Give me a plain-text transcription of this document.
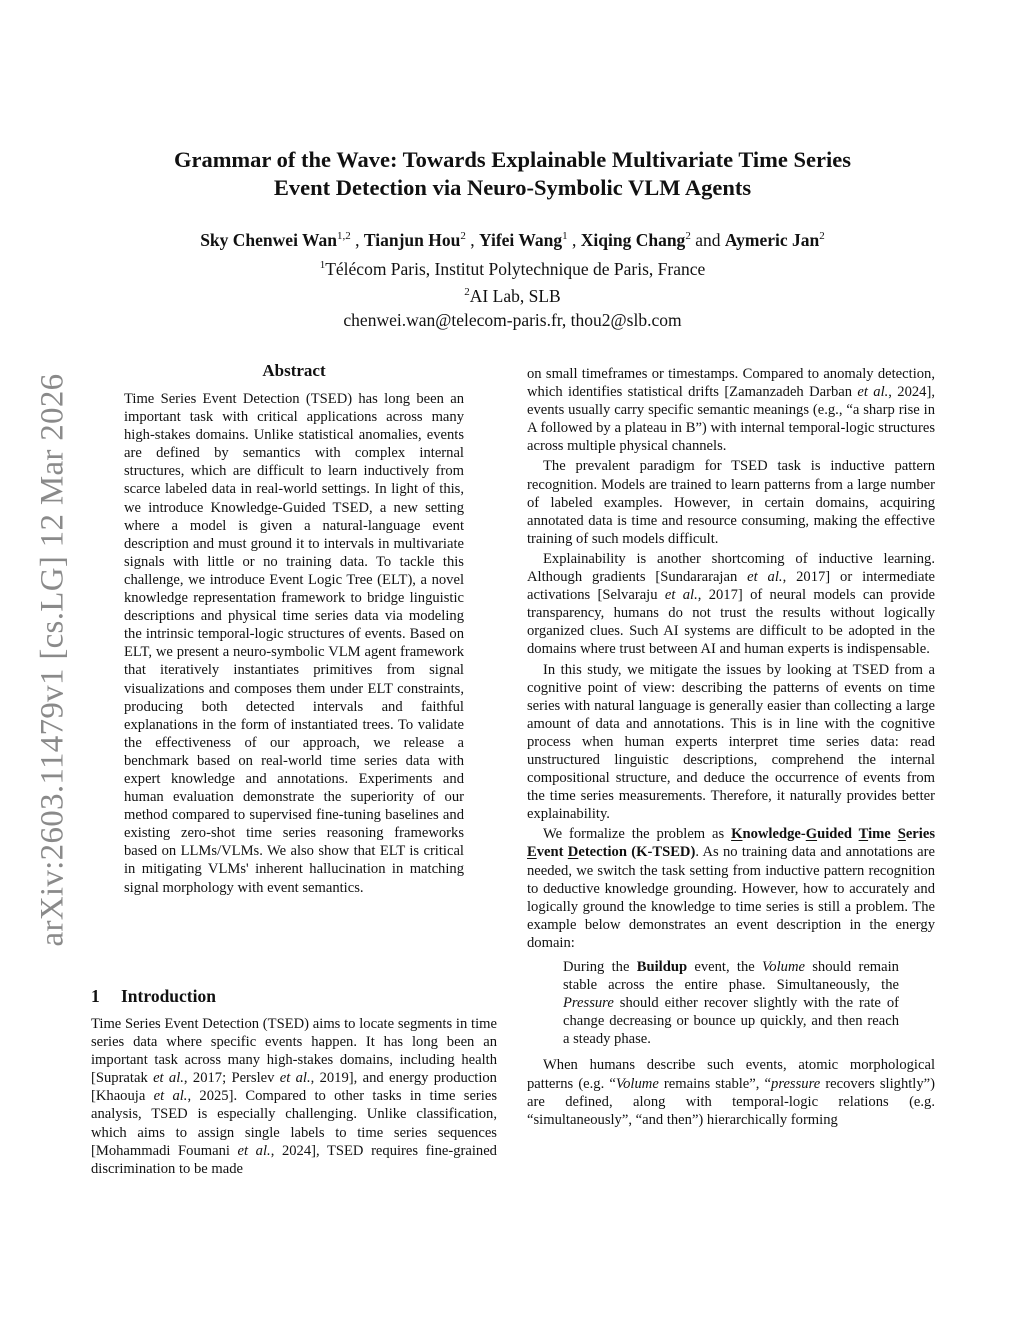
arXiv:2603.11479v1 [cs.LG] 12 Mar 2026
Grammar of the Wave: Towards Explainable Multivariate Time Series
Event Detection via Neuro-Symbolic VLM Agents
Sky Chenwei Wan$^{1,2}$ , Tianjun Hou$^2$ , Yifei Wang$^1$ , Xiqing Chang$^2$ and Aymeric Jan$^2$
$^1$Télécom Paris, Institut Polytechnique de Paris, France
$^2$AI Lab, SLB
chenwei.wan@telecom-paris.fr, thou2@slb.com
Abstract

Time Series Event Detection (TSED) has long been an important task with critical applications across many high-stakes domains. Unlike statistical anomalies, events are defined by semantics with complex internal structures, which are difficult to learn inductively from scarce labeled data in real-world settings. In light of this, we introduce Knowledge-Guided TSED, a new setting where a model is given a natural-language event description and must ground it to intervals in multivariate signals with little or no training data. To tackle this challenge, we introduce Event Logic Tree (ELT), a novel knowledge representation framework to bridge linguistic descriptions and physical time series data via modeling the intrinsic temporal-logic structures of events. Based on ELT, we present a neuro-symbolic VLM agent framework that iteratively instantiates primitives from signal visualizations and composes them under ELT constraints, producing both detected intervals and faithful explanations in the form of instantiated trees. To validate the effectiveness of our approach, we release a benchmark based on real-world time series data with expert knowledge and annotations. Experiments and human evaluation demonstrate the superiority of our method compared to supervised fine-tuning baselines and existing zero-shot time series reasoning frameworks based on LLMs/VLMs. We also show that ELT is critical in mitigating VLMs' inherent hallucination in matching signal morphology with event semantics.

1 Introduction

Time Series Event Detection (TSED) aims to locate segments in time series data where specific events happen. It has long been an important task across many high-stakes domains, including health [Supratak et al., 2017; Perslev et al., 2019], and energy production [Khaouja et al., 2025]. Compared to other tasks in time series analysis, TSED is especially challenging. Unlike classification, which aims to assign single labels to time series sequences [Mohammadi Foumani et al., 2024], TSED requires fine-grained discrimination to be made

on small timeframes or timestamps. Compared to anomaly detection, which identifies statistical drifts [Zamanzadeh Darban et al., 2024], events usually carry specific semantic meanings (e.g., “a sharp rise in A followed by a plateau in B”) with internal temporal-logic structures across multiple physical channels.

The prevalent paradigm for TSED task is inductive pattern recognition. Models are trained to learn patterns from a large number of labeled examples. However, in certain domains, acquiring annotated data is time and resource consuming, making the effective training of such models difficult.

Explainability is another shortcoming of inductive learning. Although gradients [Sundararajan et al., 2017] or intermediate activations [Selvaraju et al., 2017] of neural models can provide transparency, humans do not trust the results without logically organized clues. Such AI systems are difficult to be adopted in the domains where trust between AI and human experts is indispensable.

In this study, we mitigate the issues by looking at TSED from a cognitive point of view: describing the patterns of events on time series with natural language is generally easier than collecting a large amount of data and annotations. This is in line with the cognitive process when human experts interpret time series data: read unstructured linguistic descriptions, comprehend the internal compositional structure, and deduce the occurrence of events from the time series measurements. Therefore, it naturally provides better explainability.

We formalize the problem as Knowledge-Guided Time Series Event Detection (K-TSED). As no training data and annotations are needed, we switch the task setting from inductive pattern recognition to deductive knowledge grounding. However, how to accurately and logically ground the knowledge to time series is still a problem. The example below demonstrates an event description in the energy domain:

During the Buildup event, the Volume should remain stable across the entire phase. Simultaneously, the Pressure should either recover slightly with the rate of change decreasing or bounce up quickly, and then reach a steady phase.

When humans describe such events, atomic morphological patterns (e.g. “Volume remains stable”, “pressure recovers slightly”) are defined, along with temporal-logic relations (e.g. “simultaneously”, “and then”) hierarchically forming
